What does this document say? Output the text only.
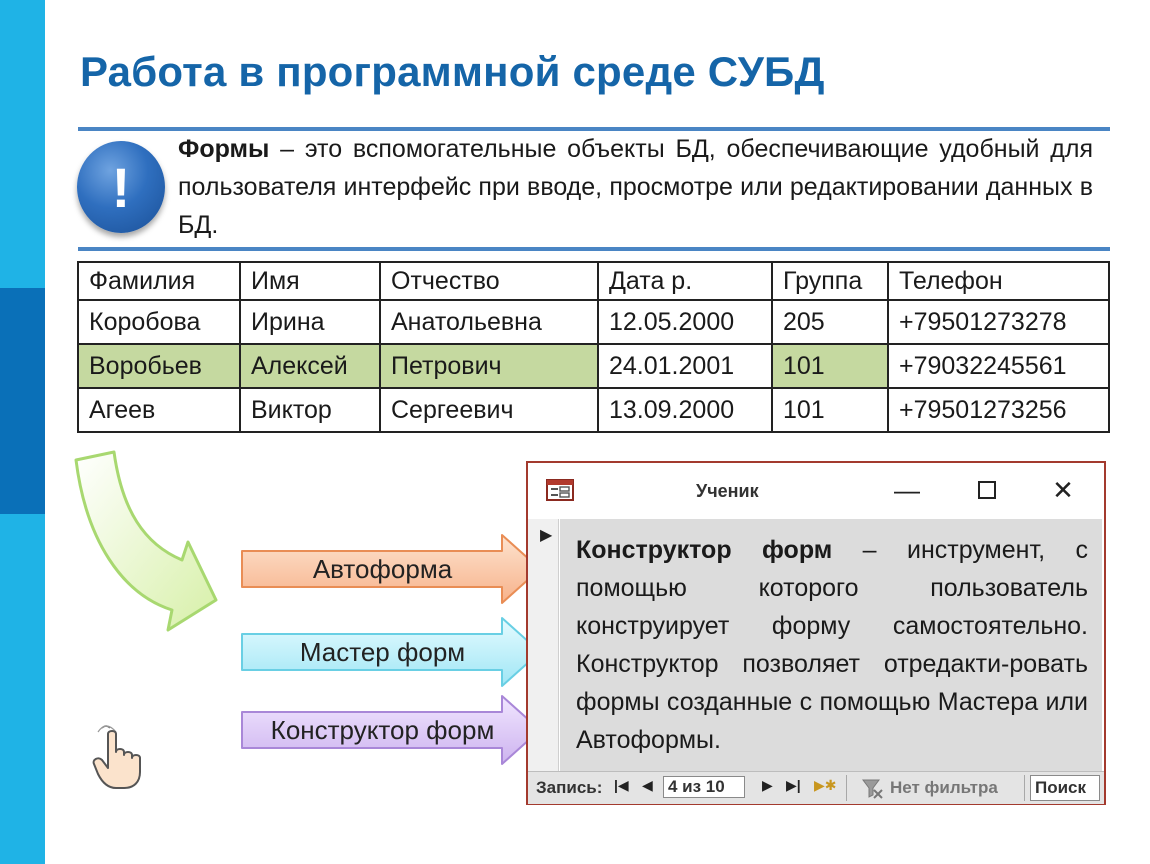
Работа в программной среде СУБД
!
Формы – это вспомогательные объекты БД, обеспечивающие удобный для пользователя интерфейс при вводе, просмотре или редактировании данных в БД.
Фамилия	Имя	Отчество	Дата р.	Группа	Телефон
Коробова	Ирина	Анатольевна	12.05.2000	205	+79501273278
Воробьев	Алексей	Петрович	24.01.2001	101	+79032245561
Агеев	Виктор	Сергеевич	13.09.2000	101	+79501273256
Автоформа
Мастер форм
Конструктор форм
Ученик	—	✕
▶
Конструктор форм – инструмент, с помощью которого пользователь конструирует форму самостоятельно. Конструктор позволяет отредакти-ровать формы созданные с помощью Мастера или Автоформы.
Запись: |◀ ◀ 4 из 10	▶ ▶| ▶✱	Нет фильтра Поиск
